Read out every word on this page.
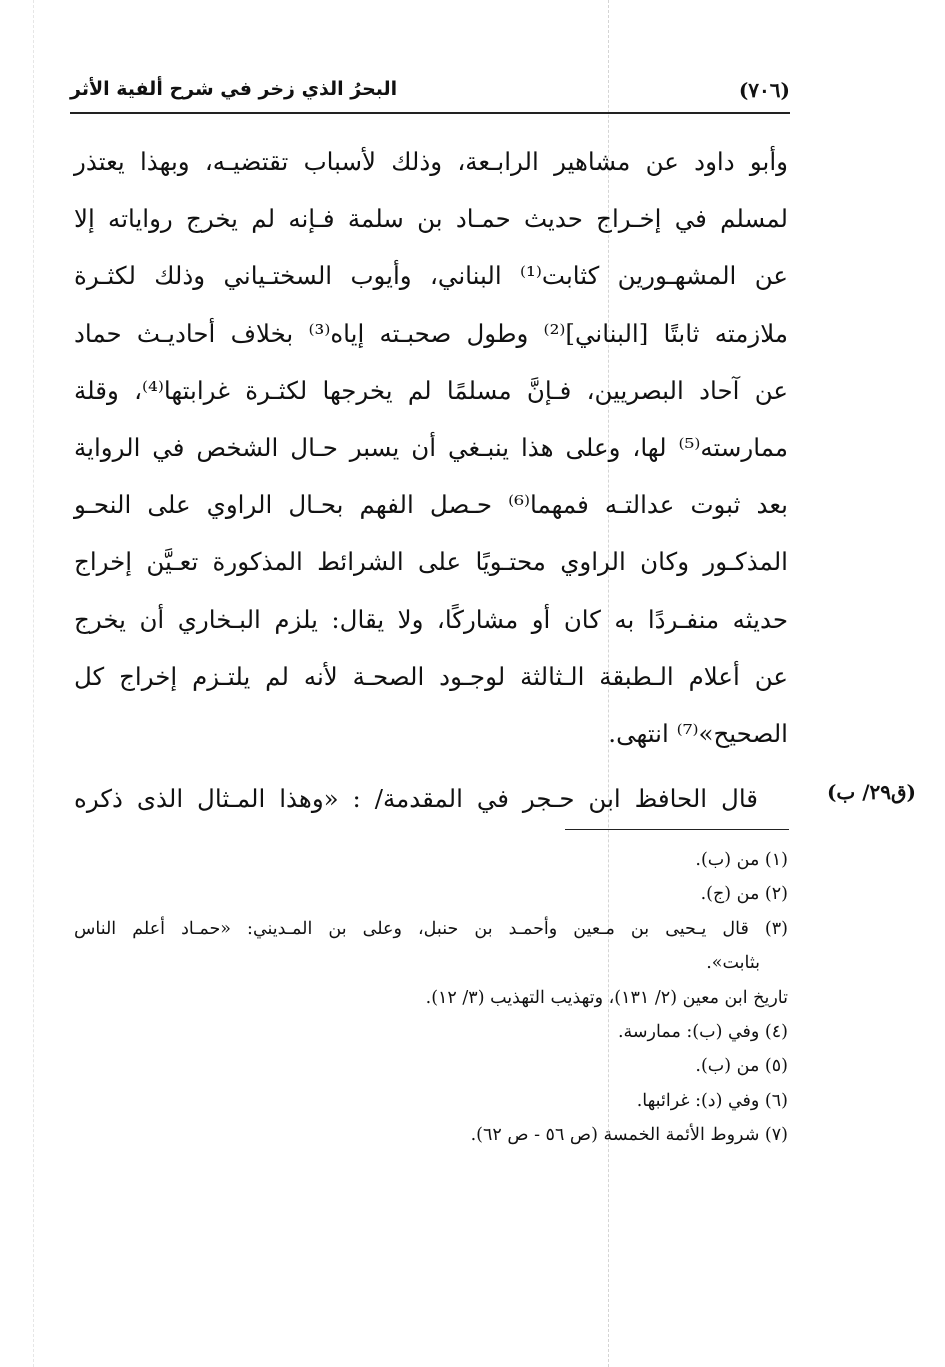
البحرُ الذي زخر في شرح ألفية الأثر	(٧٠٦)
وأبو داود عن مشاهير الرابـعة، وذلك لأسباب تقتضيـه، وبهذا يعتذر
لمسلم في إخـراج حديث حمـاد بن سلمة فـإنه لم يخرج رواياته إلا
عن المشهـورين كثابت⁽¹⁾ البناني، وأيوب السختـياني وذلك لكثـرة
ملازمته ثابتًا [البناني]⁽²⁾ وطول صحبـته إياه⁽³⁾ بخلاف أحاديـث حماد
عن آحاد البصريين، فـإنَّ مسلمًا لم يخرجها لكثـرة غرابتها⁽⁴⁾، وقلة
ممارسته⁽⁵⁾ لها، وعلى هذا ينبـغي أن يسبر حـال الشخص في الرواية
بعد ثبوت عدالتـه فمهما⁽⁶⁾ حـصل الفهم بحـال الراوي على النحـو
المذكـور وكان الراوي محتـويًا على الشرائط المذكورة تعـيَّن إخراج
حديثه منفـردًا به كان أو مشاركًا، ولا يقال: يلزم البـخاري أن يخرج
عن أعلام الـطبقة الـثالثة لوجـود الصحـة لأنه لم يلتـزم إخراج كل
الصحيح»⁽⁷⁾ انتهى.
قال الحافظ ابن حـجر في المقدمة/ : «وهذا المـثال الذى ذكره	(ق٢٩/ ب)
(١) من (ب).
(٢) من (ج).
(٣) قال يـحيى بن مـعين وأحمـد بن حنبل، وعلى بن المـديني: «حمـاد أعلم الناس
بثابت».
تاريخ ابن معين (٢/ ١٣١)، وتهذيب التهذيب (٣/ ١٢).
(٤) وفي (ب): ممارسة.
(٥) من (ب).
(٦) وفي (د): غرائبها.
(٧) شروط الأئمة الخمسة (ص ٥٦ - ص ٦٢).
